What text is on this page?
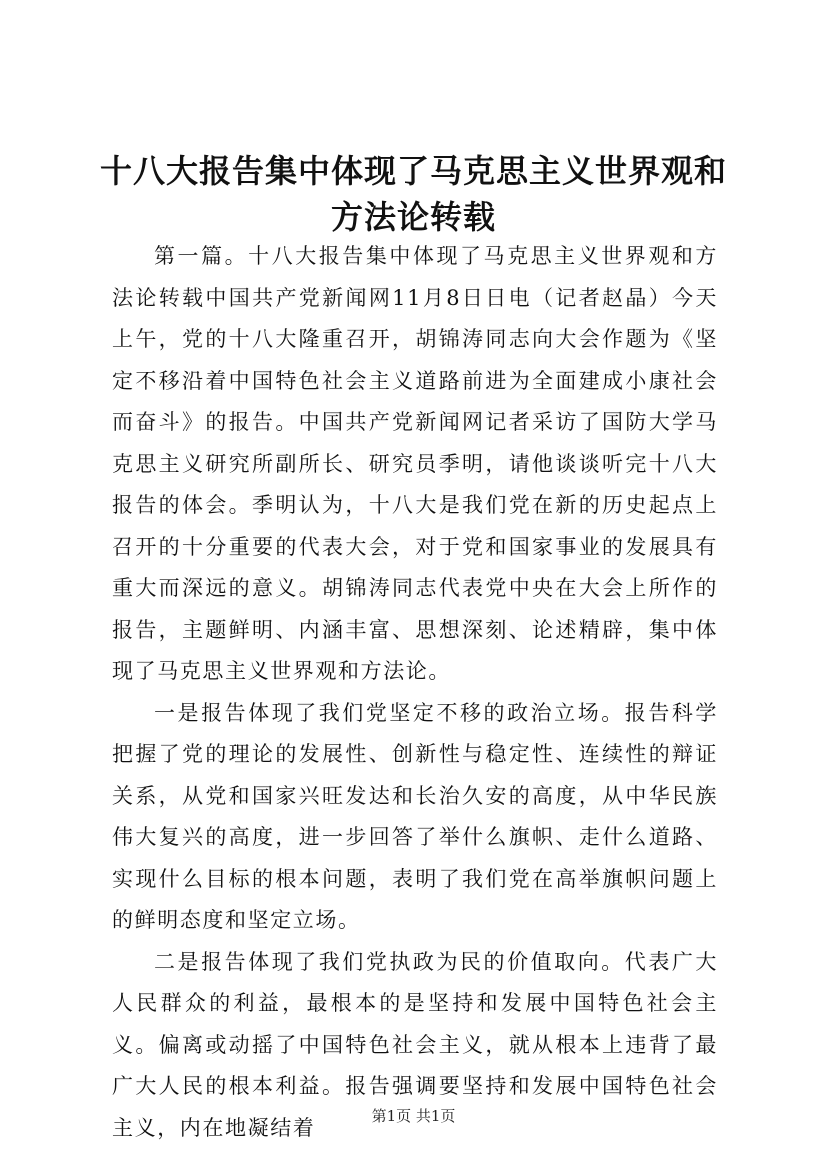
十八大报告集中体现了马克思主义世界观和方法论转载

第一篇。十八大报告集中体现了马克思主义世界观和方法论转载中国共产党新闻网11月8日日电（记者赵晶）今天上午，党的十八大隆重召开，胡锦涛同志向大会作题为《坚定不移沿着中国特色社会主义道路前进为全面建成小康社会而奋斗》的报告。中国共产党新闻网记者采访了国防大学马克思主义研究所副所长、研究员季明，请他谈谈听完十八大报告的体会。季明认为，十八大是我们党在新的历史起点上召开的十分重要的代表大会，对于党和国家事业的发展具有重大而深远的意义。胡锦涛同志代表党中央在大会上所作的报告，主题鲜明、内涵丰富、思想深刻、论述精辟，集中体现了马克思主义世界观和方法论。

一是报告体现了我们党坚定不移的政治立场。报告科学把握了党的理论的发展性、创新性与稳定性、连续性的辩证关系，从党和国家兴旺发达和长治久安的高度，从中华民族伟大复兴的高度，进一步回答了举什么旗帜、走什么道路、实现什么目标的根本问题，表明了我们党在高举旗帜问题上的鲜明态度和坚定立场。

二是报告体现了我们党执政为民的价值取向。代表广大人民群众的利益，最根本的是坚持和发展中国特色社会主义。偏离或动摇了中国特色社会主义，就从根本上违背了最广大人民的根本利益。报告强调要坚持和发展中国特色社会主义，内在地凝结着	第1页 共1页
